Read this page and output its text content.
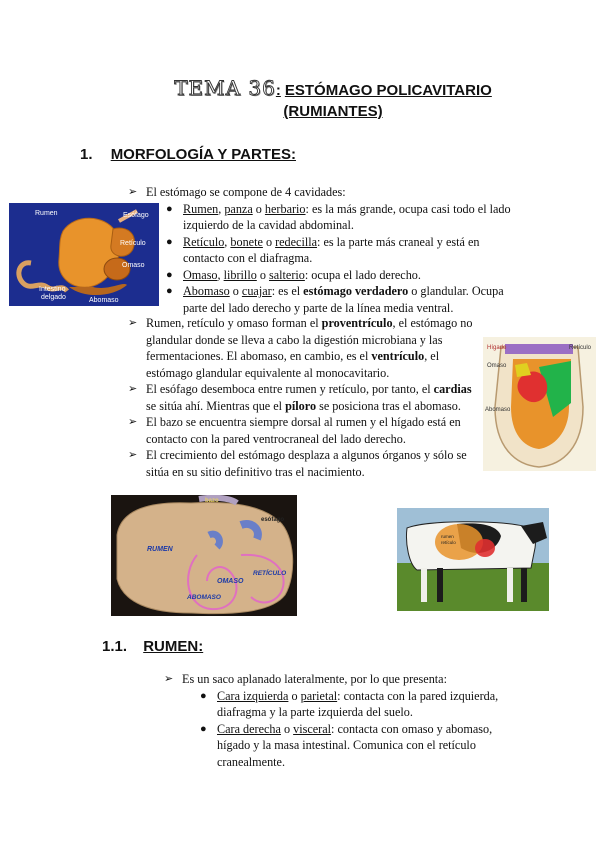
TEMA 36: ESTÓMAGO POLICAVITARIO
(RUMIANTES)
1. MORFOLOGÍA Y PARTES:
Rumen	Esófago
Retículo
Omaso
Abomaso
Intestino
delgado
➢ El estómago se compone de 4 cavidades:
● Rumen, panza o herbario: es la más grande, ocupa casi todo el lado izquierdo de la cavidad abdominal.
● Retículo, bonete o redecilla: es la parte más craneal y está en contacto con el diafragma.
● Omaso, librillo o salterio: ocupa el lado derecho.
● Abomaso o cuajar: es el estómago verdadero o glandular. Ocupa parte del lado derecho y parte de la línea media ventral.
➢ Rumen, retículo y omaso forman el proventrículo, el estómago no glandular donde se lleva a cabo la digestión microbiana y las fermentaciones. El abomaso, en cambio, es el ventrículo, el estómago glandular equivalente al monocavitario.
➢ El esófago desemboca entre rumen y retículo, por tanto, el cardias se sitúa ahí. Mientras que el píloro se posiciona tras el abomaso.
➢ El bazo se encuentra siempre dorsal al rumen y el hígado está en contacto con la pared ventrocraneal del lado derecho.
➢ El crecimiento del estómago desplaza a algunos órganos y sólo se sitúa en su sitio definitivo tras el nacimiento.
Hígado
Omaso
Abomaso
Retículo
bazo
esófago
RUMEN
RETÍCULO
OMASO
ABOMASO
rumen
retículo
1.1. RUMEN:
➢ Es un saco aplanado lateralmente, por lo que presenta:
● Cara izquierda o parietal: contacta con la pared izquierda, diafragma y la parte izquierda del suelo.
● Cara derecha o visceral: contacta con omaso y abomaso, hígado y la masa intestinal. Comunica con el retículo cranealmente.
